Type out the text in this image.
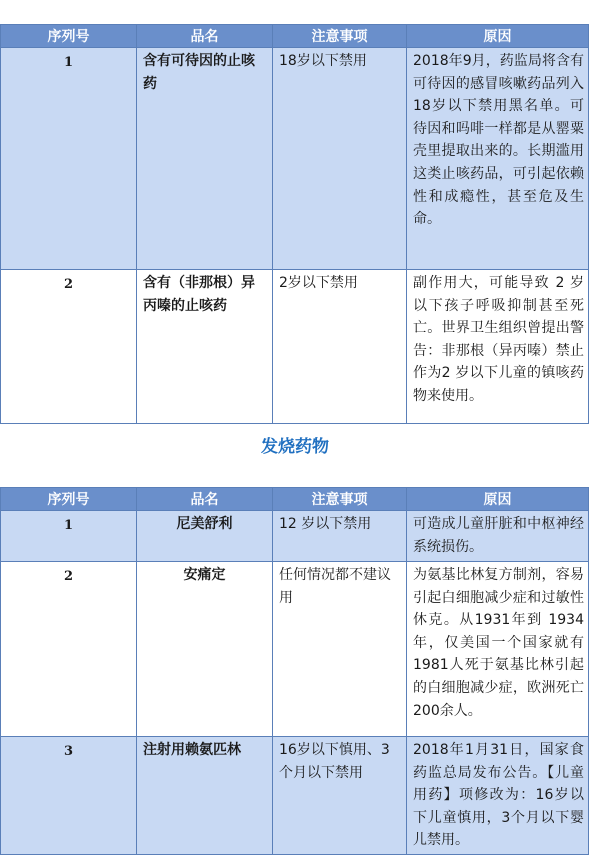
序列号	品名	注意事项	原因
1	含有可待因的止咳药	18岁以下禁用	2018年9月，药监局将含有可待因的感冒咳嗽药品列入18岁以下禁用黑名单。可待因和吗啡一样都是从罂粟壳里提取出来的。长期滥用这类止咳药品，可引起依赖性和成瘾性，甚至危及生命。
2	含有（非那根）异丙嗪的止咳药	2岁以下禁用	副作用大，可能导致 2 岁以下孩子呼吸抑制甚至死亡。世界卫生组织曾提出警告：非那根（异丙嗪）禁止作为2 岁以下儿童的镇咳药物来使用。
发烧药物
序列号	品名	注意事项	原因
1	尼美舒利	12 岁以下禁用	可造成儿童肝脏和中枢神经系统损伤。
2	安痛定	任何情况都不建议用	为氨基比林复方制剂，容易引起白细胞减少症和过敏性休克。从1931年到 1934年，仅美国一个国家就有1981人死于氨基比林引起的白细胞减少症，欧洲死亡 200余人。
3	注射用赖氨匹林	16岁以下慎用、3个月以下禁用	2018年1月31日，国家食药监总局发布公告。【儿童用药】项修改为：16岁以下儿童慎用，3个月以下婴儿禁用。
